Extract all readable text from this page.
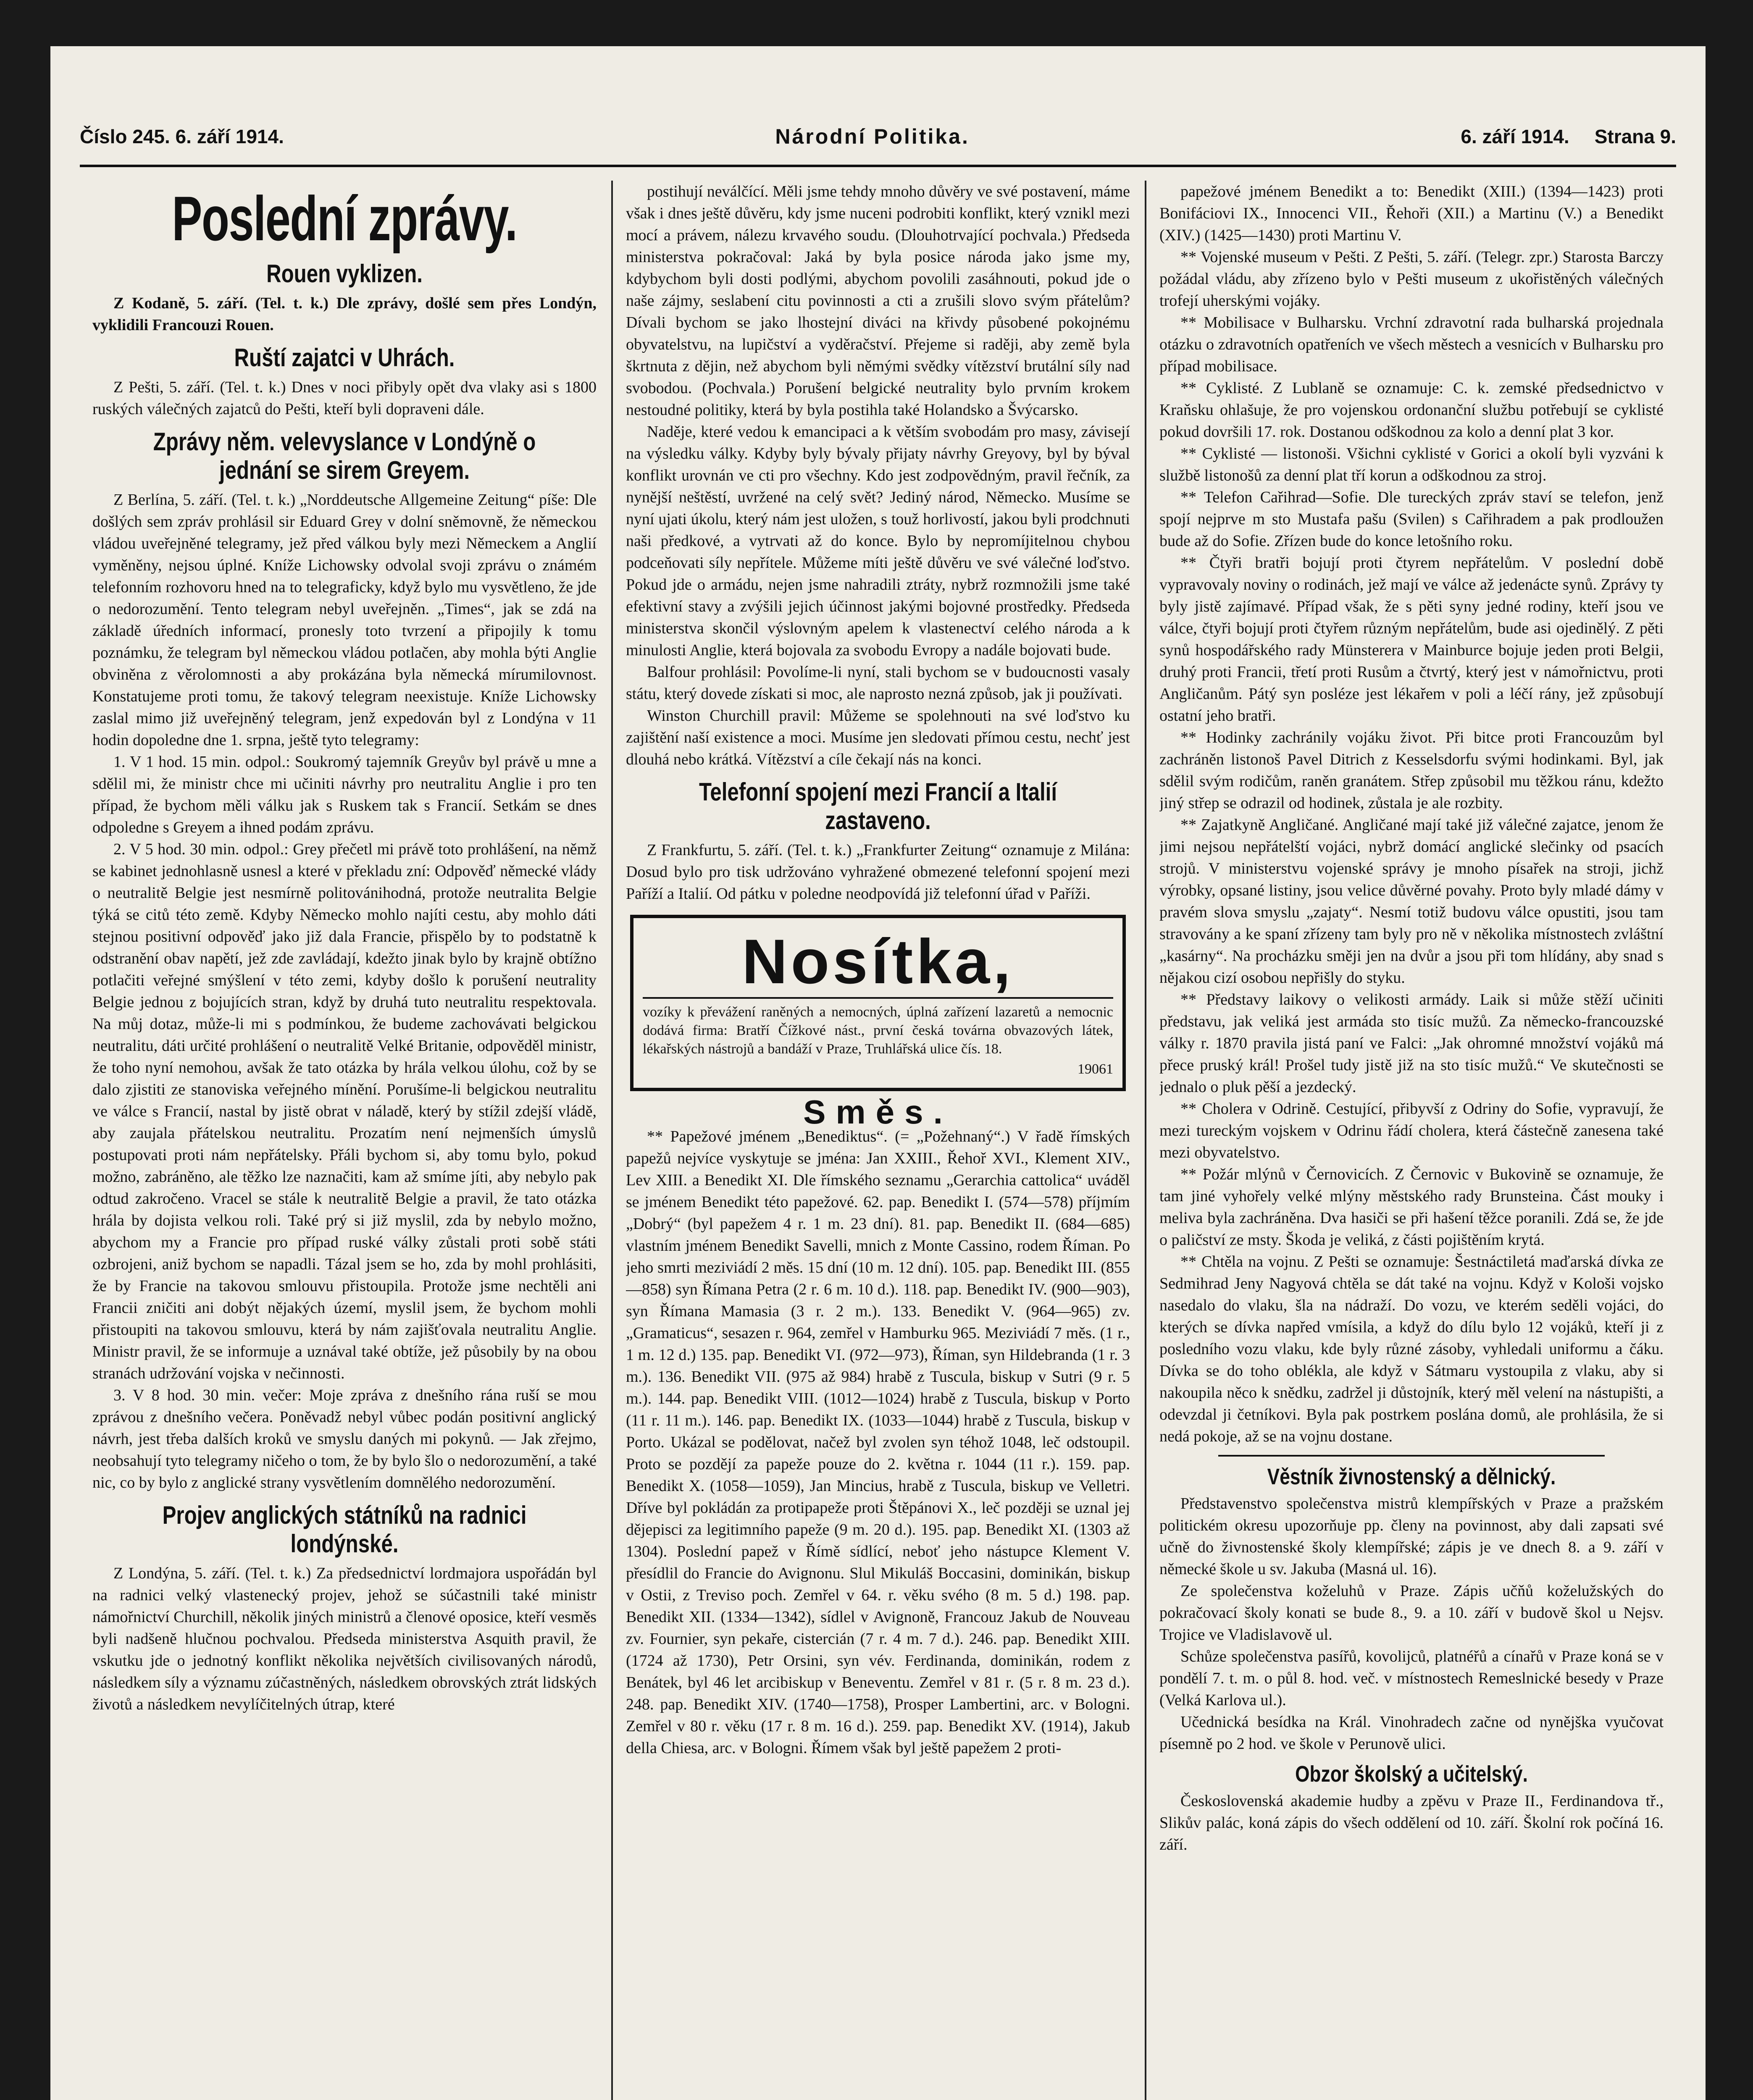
Číslo 245. 6. září 1914.	Národní Politika.	6. září 1914. Strana 9.
Poslední zprávy.
Rouen vyklizen.

Z Kodaně, 5. září. (Tel. t. k.) Dle zprávy, došlé sem přes Londýn, vyklidili Francouzi Rouen.

Ruští zajatci v Uhrách.

Z Pešti, 5. září. (Tel. t. k.) Dnes v noci přibyly opět dva vlaky asi s 1800 ruských válečných zajatců do Pešti, kteří byli dopraveni dále.

Zprávy něm. velevyslance v Londýně o jednání se sirem Greyem.

Z Berlína, 5. září. (Tel. t. k.) „Norddeutsche Allgemeine Zeitung“ píše: Dle došlých sem zpráv prohlásil sir Eduard Grey v dolní sněmovně, že německou vládou uveřejněné telegramy, jež před válkou byly mezi Německem a Anglií vyměněny, nejsou úplné. Kníže Lichowsky odvolal svoji zprávu o známém telefonním rozhovoru hned na to telegraficky, když bylo mu vysvětleno, že jde o nedorozumění. Tento telegram nebyl uveřejněn. „Times“, jak se zdá na základě úředních informací, pronesly toto tvrzení a připojily k tomu poznámku, že telegram byl německou vládou potlačen, aby mohla býti Anglie obviněna z věrolomnosti a aby prokázána byla německá mírumilovnost. Konstatujeme proti tomu, že takový telegram neexistuje. Kníže Lichowsky zaslal mimo již uveřejněný telegram, jenž expedován byl z Londýna v 11 hodin dopoledne dne 1. srpna, ještě tyto telegramy:

1. V 1 hod. 15 min. odpol.: Soukromý tajemník Greyův byl právě u mne a sdělil mi, že ministr chce mi učiniti návrhy pro neutralitu Anglie i pro ten případ, že bychom měli válku jak s Ruskem tak s Francií. Setkám se dnes odpoledne s Greyem a ihned podám zprávu.

2. V 5 hod. 30 min. odpol.: Grey přečetl mi právě toto prohlášení, na němž se kabinet jednohlasně usnesl a které v překladu zní: Odpověď německé vlády o neutralitě Belgie jest nesmírně politovánihodná, protože neutralita Belgie týká se citů této země. Kdyby Německo mohlo najíti cestu, aby mohlo dáti stejnou positivní odpověď jako již dala Francie, přispělo by to podstatně k odstranění obav napětí, jež zde zavládají, kdežto jinak bylo by krajně obtížno potlačiti veřejné smýšlení v této zemi, kdyby došlo k porušení neutrality Belgie jednou z bojujících stran, když by druhá tuto neutralitu respektovala. Na můj dotaz, může-li mi s podmínkou, že budeme zachovávati belgickou neutralitu, dáti určité prohlášení o neutralitě Velké Britanie, odpověděl ministr, že toho nyní nemohou, avšak že tato otázka by hrála velkou úlohu, což by se dalo zjistiti ze stanoviska veřejného mínění. Porušíme-li belgickou neutralitu ve válce s Francií, nastal by jistě obrat v náladě, který by stížil zdejší vládě, aby zaujala přátelskou neutralitu. Prozatím není nejmenších úmyslů postupovati proti nám nepřátelsky. Přáli bychom si, aby tomu bylo, pokud možno, zabráněno, ale těžko lze naznačiti, kam až smíme jíti, aby nebylo pak odtud zakročeno. Vracel se stále k neutralitě Belgie a pravil, že tato otázka hrála by dojista velkou roli. Také prý si již myslil, zda by nebylo možno, abychom my a Francie pro případ ruské války zůstali proti sobě státi ozbrojeni, aniž bychom se napadli. Tázal jsem se ho, zda by mohl prohlásiti, že by Francie na takovou smlouvu přistoupila. Protože jsme nechtěli ani Francii zničiti ani dobýt nějakých území, myslil jsem, že bychom mohli přistoupiti na takovou smlouvu, která by nám zajišťovala neutralitu Anglie. Ministr pravil, že se informuje a uznával také obtíže, jež působily by na obou stranách udržování vojska v nečinnosti.

3. V 8 hod. 30 min. večer: Moje zpráva z dnešního rána ruší se mou zprávou z dnešního večera. Poněvadž nebyl vůbec podán positivní anglický návrh, jest třeba dalších kroků ve smyslu daných mi pokynů. — Jak zřejmo, neobsahují tyto telegramy ničeho o tom, že by bylo šlo o nedorozumění, a také nic, co by bylo z anglické strany vysvětlením domnělého nedorozumění.

Projev anglických státníků na radnici londýnské.

Z Londýna, 5. září. (Tel. t. k.) Za předsednictví lordmajora uspořádán byl na radnici velký vlastenecký projev, jehož se súčastnili také ministr námořnictví Churchill, několik jiných ministrů a členové oposice, kteří vesměs byli nadšeně hlučnou pochvalou. Předseda ministerstva Asquith pravil, že vskutku jde o jednotný konflikt několika největších civilisovaných národů, následkem síly a významu zúčastněných, následkem obrovských ztrát lidských životů a následkem nevylíčitelných útrap, které

postihují neválčící. Měli jsme tehdy mnoho důvěry ve své postavení, máme však i dnes ještě důvěru, kdy jsme nuceni podrobiti konflikt, který vznikl mezi mocí a právem, nálezu krvavého soudu. (Dlouhotrvající pochvala.) Předseda ministerstva pokračoval: Jaká by byla posice národa jako jsme my, kdybychom byli dosti podlými, abychom povolili zasáhnouti, pokud jde o naše zájmy, seslabení citu povinnosti a cti a zrušili slovo svým přátelům? Dívali bychom se jako lhostejní diváci na křivdy působené pokojnému obyvatelstvu, na lupičství a vyděračství. Přejeme si raději, aby země byla škrtnuta z dějin, než abychom byli němými svědky vítězství brutální síly nad svobodou. (Pochvala.) Porušení belgické neutrality bylo prvním krokem nestoudné politiky, která by byla postihla také Holandsko a Švýcarsko.

Naděje, které vedou k emancipaci a k větším svobodám pro masy, závisejí na výsledku války. Kdyby byly bývaly přijaty návrhy Greyovy, byl by býval konflikt urovnán ve cti pro všechny. Kdo jest zodpovědným, pravil řečník, za nynější neštěstí, uvržené na celý svět? Jediný národ, Německo. Musíme se nyní ujati úkolu, který nám jest uložen, s touž horlivostí, jakou byli prodchnuti naši předkové, a vytrvati až do konce. Bylo by nepromíjitelnou chybou podceňovati síly nepřítele. Můžeme míti ještě důvěru ve své válečné loďstvo. Pokud jde o armádu, nejen jsme nahradili ztráty, nybrž rozmnožili jsme také efektivní stavy a zvýšili jejich účinnost jakými bojovné prostředky. Předseda ministerstva skončil výslovným apelem k vlastenectví celého národa a k minulosti Anglie, která bojovala za svobodu Evropy a nadále bojovati bude.

Balfour prohlásil: Povolíme-li nyní, stali bychom se v budoucnosti vasaly státu, který dovede získati si moc, ale naprosto nezná způsob, jak ji používati.

Winston Churchill pravil: Můžeme se spolehnouti na své loďstvo ku zajištění naší existence a moci. Musíme jen sledovati přímou cestu, nechť jest dlouhá nebo krátká. Vítězství a cíle čekají nás na konci.

Telefonní spojení mezi Francií a Italií zastaveno.

Z Frankfurtu, 5. září. (Tel. t. k.) „Frankfurter Zeitung“ oznamuje z Milána: Dosud bylo pro tisk udržováno vyhražené obmezené telefonní spojení mezi Paříží a Italií. Od pátku v poledne neodpovídá již telefonní úřad v Paříži.

Nosítka,
vozíky k převážení raněných a nemocných, úplná zařízení lazaretů a nemocnic dodává firma: Bratří Čížkové nást., první česká továrna obvazových látek, lékařských nástrojů a bandáží v Praze, Truhlářská ulice čís. 18.
19061
Směs.

** Papežové jménem „Benediktus“. (= „Požehnaný“.) V řadě římských papežů nejvíce vyskytuje se jména: Jan XXIII., Řehoř XVI., Klement XIV., Lev XIII. a Benedikt XI. Dle římského seznamu „Gerarchia cattolica“ uváděl se jménem Benedikt této papežové. 62. pap. Benedikt I. (574—578) příjmím „Dobrý“ (byl papežem 4 r. 1 m. 23 dní). 81. pap. Benedikt II. (684—685) vlastním jménem Benedikt Savelli, mnich z Monte Cassino, rodem Říman. Po jeho smrti meziviádí 2 měs. 15 dní (10 m. 12 dní). 105. pap. Benedikt III. (855—858) syn Římana Petra (2 r. 6 m. 10 d.). 118. pap. Benedikt IV. (900—903), syn Římana Mamasia (3 r. 2 m.). 133. Benedikt V. (964—965) zv. „Gramaticus“, sesazen r. 964, zemřel v Hamburku 965. Meziviádí 7 měs. (1 r., 1 m. 12 d.) 135. pap. Benedikt VI. (972—973), Říman, syn Hildebranda (1 r. 3 m.). 136. Benedikt VII. (975 až 984) hrabě z Tusculа, biskup v Sutri (9 r. 5 m.). 144. pap. Benedikt VIII. (1012—1024) hrabě z Tusculа, biskup v Porto (11 r. 11 m.). 146. pap. Benedikt IX. (1033—1044) hrabě z Tusculа, biskup v Porto. Ukázal se podělovat, načež byl zvolen syn téhož 1048, leč odstoupil. Proto se pozdějí za papeže pouze do 2. května r. 1044 (11 r.). 159. pap. Benedikt X. (1058—1059), Jan Mincius, hrabě z Tusculа, biskup ve Velletri. Dříve byl pokládán za protipapeže proti Štěpánovi X., leč později se uznal jej dějepisci za legitimního papeže (9 m. 20 d.). 195. pap. Benedikt XI. (1303 až 1304). Poslední papež v Římě sídlící, neboť jeho nástupce Klement V. přesídlil do Francie do Avignonu. Slul Mikuláš Boccasini, dominikán, biskup v Ostii, z Treviso poch. Zemřel v 64. r. věku svého (8 m. 5 d.) 198. pap. Benedikt XII. (1334—1342), sídlel v Avignoně, Francouz Jakub de Nouveau zv. Fournier, syn pekaře, cistercián (7 r. 4 m. 7 d.). 246. pap. Benedikt XIII. (1724 až 1730), Petr Orsini, syn vév. Ferdinanda, dominikán, rodem z Benátek, byl 46 let arcibiskup v Beneventu. Zemřel v 81 r. (5 r. 8 m. 23 d.). 248. pap. Benedikt XIV. (1740—1758), Prosper Lambertini, arc. v Bologni. Zemřel v 80 r. věku (17 r. 8 m. 16 d.). 259. pap. Benedikt XV. (1914), Jakub della Chiesa, arc. v Bologni. Římem však byl ještě papežem 2 proti-

papežové jménem Benedikt a to: Benedikt (XIII.) (1394—1423) proti Bonifáciovi IX., Innocenci VII., Řehoři (XII.) a Martinu (V.) a Benedikt (XIV.) (1425—1430) proti Martinu V.

** Vojenské museum v Pešti. Z Pešti, 5. září. (Telegr. zpr.) Starosta Barczy požádal vládu, aby zřízeno bylo v Pešti museum z ukořistěných válečných trofejí uherskými vojáky.

** Mobilisace v Bulharsku. Vrchní zdravotní rada bulharská projednala otázku o zdravotních opatřeních ve všech městech a vesnicích v Bulharsku pro případ mobilisace.

** Cyklisté. Z Lublaně se oznamuje: C. k. zemské předsednictvo v Kraňsku ohlašuje, že pro vojenskou ordonanční službu potřebují se cyklisté pokud dovršili 17. rok. Dostanou odškodnou za kolo a denní plat 3 kor.

** Cyklisté — listonoši. Všichni cyklisté v Gorici a okolí byli vyzváni k službě listonošů za denní plat tří korun a odškodnou za stroj.

** Telefon Cařihrad—Sofie. Dle tureckých zpráv staví se telefon, jenž spojí nejprve m sto Mustafa pašu (Svilen) s Cařihradem a pak prodloužen bude až do Sofie. Zřízen bude do konce letošního roku.

** Čtyři bratři bojují proti čtyrem nepřátelům. V poslední době vypravovaly noviny o rodinách, jež mají ve válce až jedenácte synů. Zprávy ty byly jistě zajímavé. Případ však, že s pěti syny jedné rodiny, kteří jsou ve válce, čtyři bojují proti čtyřem různým nepřátelům, bude asi ojedinělý. Z pěti synů hospodářského rady Münsterera v Mainburce bojuje jeden proti Belgii, druhý proti Francii, třetí proti Rusům a čtvrtý, který jest v námořnictvu, proti Angličanům. Pátý syn posléze jest lékařem v poli a léčí rány, jež způsobují ostatní jeho bratři.

** Hodinky zachránily vojáku život. Při bitce proti Francouzům byl zachráněn listonoš Pavel Ditrich z Kesselsdorfu svými hodinkami. Byl, jak sdělil svým rodičům, raněn granátem. Střep způsobil mu těžkou ránu, kdežto jiný střep se odrazil od hodinek, zůstala je ale rozbity.

** Zajatkyně Angličané. Angličané mají také již válečné zajatce, jenom že jimi nejsou nepřátelští vojáci, nybrž domácí anglické slečinky od psacích strojů. V ministerstvu vojenské správy je mnoho písařek na stroji, jichž výrobky, opsané listiny, jsou velice důvěrné povahy. Proto byly mladé dámy v pravém slova smyslu „zajaty“. Nesmí totiž budovu válce opustiti, jsou tam stravovány a ke spaní zřízeny tam byly pro ně v několika místnostech zvláštní „kasárny“. Na procházku směji jen na dvůr a jsou při tom hlídány, aby snad s nějakou cizí osobou nepřišly do styku.

** Představy laikovy o velikosti armády. Laik si může stěží učiniti představu, jak veliká jest armáda sto tisíc mužů. Za německo-francouzské války r. 1870 pravila jistá paní ve Falci: „Jak ohromné množství vojáků má přece pruský král! Prošel tudy jistě již na sto tisíc mužů.“ Ve skutečnosti se jednalo o pluk pěší a jezdecký.

** Cholera v Odrině. Cestující, přibyvší z Odriny do Sofie, vypravují, že mezi tureckým vojskem v Odrinu řádí cholera, která částečně zanesena také mezi obyvatelstvo.

** Požár mlýnů v Černovicích. Z Černovic v Bukovině se oznamuje, že tam jiné vyhořely velké mlýny městského rady Brunsteina. Část mouky i meliva byla zachráněna. Dva hasiči se při hašení těžce poranili. Zdá se, že jde o paličství ze msty. Škoda je veliká, z části pojištěním krytá.

** Chtěla na vojnu. Z Pešti se oznamuje: Šestnáctiletá maďarská dívka ze Sedmihrad Jeny Nagyová chtěla se dát také na vojnu. Když v Kološi vojsko nasedalo do vlaku, šla na nádraží. Do vozu, ve kterém seděli vojáci, do kterých se dívka napřed vmísila, a když do dílu bylo 12 vojáků, kteří ji z posledního vozu vlaku, kde byly různé zásoby, vyhledali uniformu a čáku. Dívka se do toho oblékla, ale když v Sátmaru vystoupila z vlaku, aby si nakoupila něco k snědku, zadržel ji důstojník, který měl velení na nástupišti, a odevzdal ji četníkovi. Byla pak postrkem poslána domů, ale prohlásila, že si nedá pokoje, až se na vojnu dostane.

Věstník živnostenský a dělnický.

Představenstvo společenstva mistrů klempířských v Praze a pražském politickém okresu upozorňuje pp. členy na povinnost, aby dali zapsati své učně do živnostenské školy klempířské; zápis je ve dnech 8. a 9. září v německé škole u sv. Jakuba (Masná ul. 16).

Ze společenstva koželuhů v Praze. Zápis učňů koželužských do pokračovací školy konati se bude 8., 9. a 10. září v budově škol u Nejsv. Trojice ve Vladislavově ul.

Schůze společenstva pasířů, kovolijců, platnéřů a cínařů v Praze koná se v pondělí 7. t. m. o půl 8. hod. več. v místnostech Remeslnické besedy v Praze (Velká Karlova ul.).

Učednická besídka na Král. Vinohradech začne od nynějška vyučovat písemně po 2 hod. ve škole v Perunově ulici.

Obzor školský a učitelský.

Československá akademie hudby a zpěvu v Praze II., Ferdinandova tř., Slikův palác, koná zápis do všech oddělení od 10. září. Školní rok počíná 16. září.
